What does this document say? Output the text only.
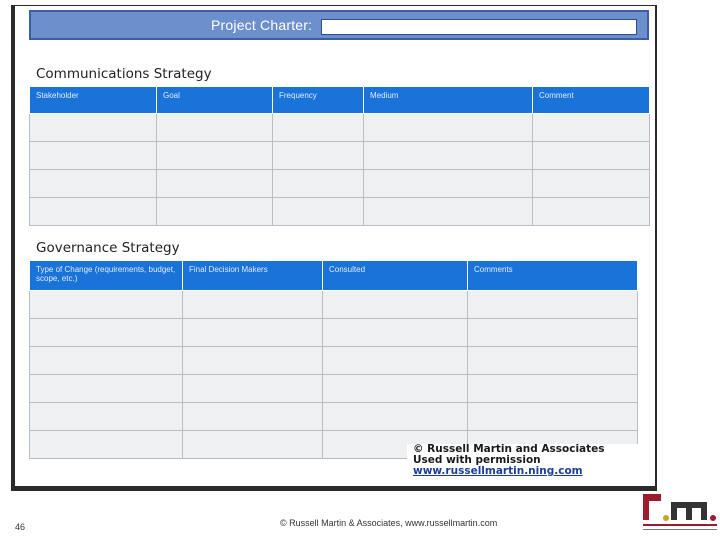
Project Charter:
Communications Strategy
Stakeholder	Goal	Frequency	Medium	Comment

Governance Strategy
Type of Change (requirements, budget, scope, etc.)	Final Decision Makers	Consulted	Comments

© Russell Martin and Associates
Used with permission
www.russellmartin.ning.com
46	© Russell Martin & Associates, www.russellmartin.com
